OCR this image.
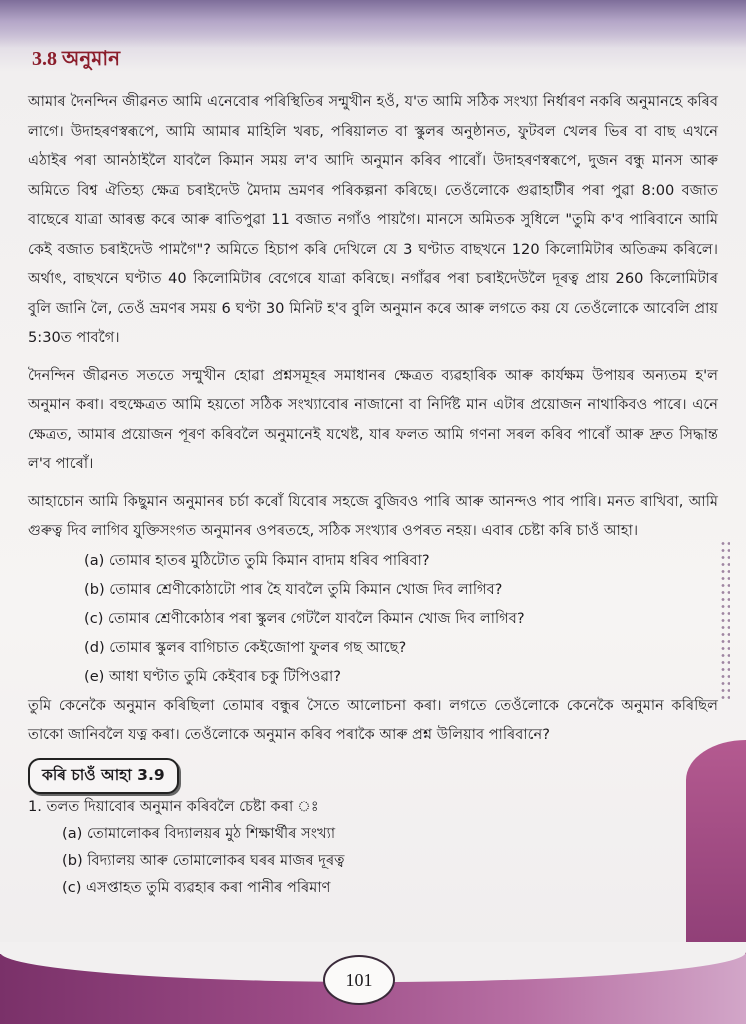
3.8 অনুমান

আমাৰ দৈনন্দিন জীৱনত আমি এনেবোৰ পৰিস্থিতিৰ সন্মুখীন হওঁ, য'ত আমি সঠিক সংখ্যা নিৰ্ধাৰণ নকৰি অনুমানহে কৰিব লাগে। উদাহৰণস্বৰূপে, আমি আমাৰ মাহিলি খৰচ, পৰিয়ালত বা স্কুলৰ অনুষ্ঠানত, ফুটবল খেলৰ ভিৰ বা বাছ এখনে এঠাইৰ পৰা আনঠাইলৈ যাবলৈ কিমান সময় ল'ব আদি অনুমান কৰিব পাৰোঁ। উদাহৰণস্বৰূপে, দুজন বন্ধু মানস আৰু অমিতে বিশ্ব ঐতিহ্য ক্ষেত্ৰ চৰাইদেউ মৈদাম ভ্ৰমণৰ পৰিকল্পনা কৰিছে। তেওঁলোকে গুৱাহাটীৰ পৰা পুৱা 8:00 বজাত বাছেৰে যাত্ৰা আৰম্ভ কৰে আৰু ৰাতিপুৱা 11 বজাত নগাঁও পায়গৈ। মানসে অমিতক সুধিলে "তুমি ক'ব পাৰিবানে আমি কেই বজাত চৰাইদেউ পামগৈ"? অমিতে হিচাপ কৰি দেখিলে যে 3 ঘণ্টাত বাছখনে 120 কিলোমিটাৰ অতিক্ৰম কৰিলে। অৰ্থাৎ, বাছখনে ঘণ্টাত 40 কিলোমিটাৰ বেগেৰে যাত্ৰা কৰিছে। নগাঁৱৰ পৰা চৰাইদেউলৈ দূৰত্ব প্ৰায় 260 কিলোমিটাৰ বুলি জানি লৈ, তেওঁ ভ্ৰমণৰ সময় 6 ঘণ্টা 30 মিনিট হ'ব বুলি অনুমান কৰে আৰু লগতে কয় যে তেওঁলোকে আবেলি প্ৰায় 5:30ত পাবগৈ।

দৈনন্দিন জীৱনত সততে সন্মুখীন হোৱা প্ৰশ্নসমূহৰ সমাধানৰ ক্ষেত্ৰত ব্যৱহাৰিক আৰু কাৰ্যক্ষম উপায়ৰ অন্যতম হ'ল অনুমান কৰা। বহুক্ষেত্ৰত আমি হয়তো সঠিক সংখ্যাবোৰ নাজানো বা নিৰ্দিষ্ট মান এটাৰ প্ৰয়োজন নাথাকিবও পাৰে। এনে ক্ষেত্ৰত, আমাৰ প্ৰয়োজন পূৰণ কৰিবলৈ অনুমানেই যথেষ্ট, যাৰ ফলত আমি গণনা সৰল কৰিব পাৰোঁ আৰু দ্ৰুত সিদ্ধান্ত ল'ব পাৰোঁ।

আহাচোন আমি কিছুমান অনুমানৰ চৰ্চা কৰোঁ যিবোৰ সহজে বুজিবও পাৰি আৰু আনন্দও পাব পাৰি। মনত ৰাখিবা, আমি গুৰুত্ব দিব লাগিব যুক্তিসংগত অনুমানৰ ওপৰতহে, সঠিক সংখ্যাৰ ওপৰত নহয়। এবাৰ চেষ্টা কৰি চাওঁ আহা।

(a) তোমাৰ হাতৰ মুঠিটোত তুমি কিমান বাদাম ধৰিব পাৰিবা?
(b) তোমাৰ শ্ৰেণীকোঠাটো পাৰ হৈ যাবলৈ তুমি কিমান খোজ দিব লাগিব?
(c) তোমাৰ শ্ৰেণীকোঠাৰ পৰা স্কুলৰ গেটলৈ যাবলৈ কিমান খোজ দিব লাগিব?
(d) তোমাৰ স্কুলৰ বাগিচাত কেইজোপা ফুলৰ গছ আছে?
(e) আধা ঘণ্টাত তুমি কেইবাৰ চকু টিপিওৱা?

তুমি কেনেকৈ অনুমান কৰিছিলা তোমাৰ বন্ধুৰ সৈতে আলোচনা কৰা। লগতে তেওঁলোকে কেনেকৈ অনুমান কৰিছিল তাকো জানিবলৈ যত্ন কৰা। তেওঁলোকে অনুমান কৰিব পৰাকৈ আৰু প্ৰশ্ন উলিয়াব পাৰিবানে?

কৰি চাওঁ আহা 3.9
1. তলত দিয়াবোৰ অনুমান কৰিবলৈ চেষ্টা কৰা ঃ
(a) তোমালোকৰ বিদ্যালয়ৰ মুঠ শিক্ষাৰ্থীৰ সংখ্যা
(b) বিদ্যালয় আৰু তোমালোকৰ ঘৰৰ মাজৰ দূৰত্ব
(c) এসপ্তাহত তুমি ব্যৱহাৰ কৰা পানীৰ পৰিমাণ
101
